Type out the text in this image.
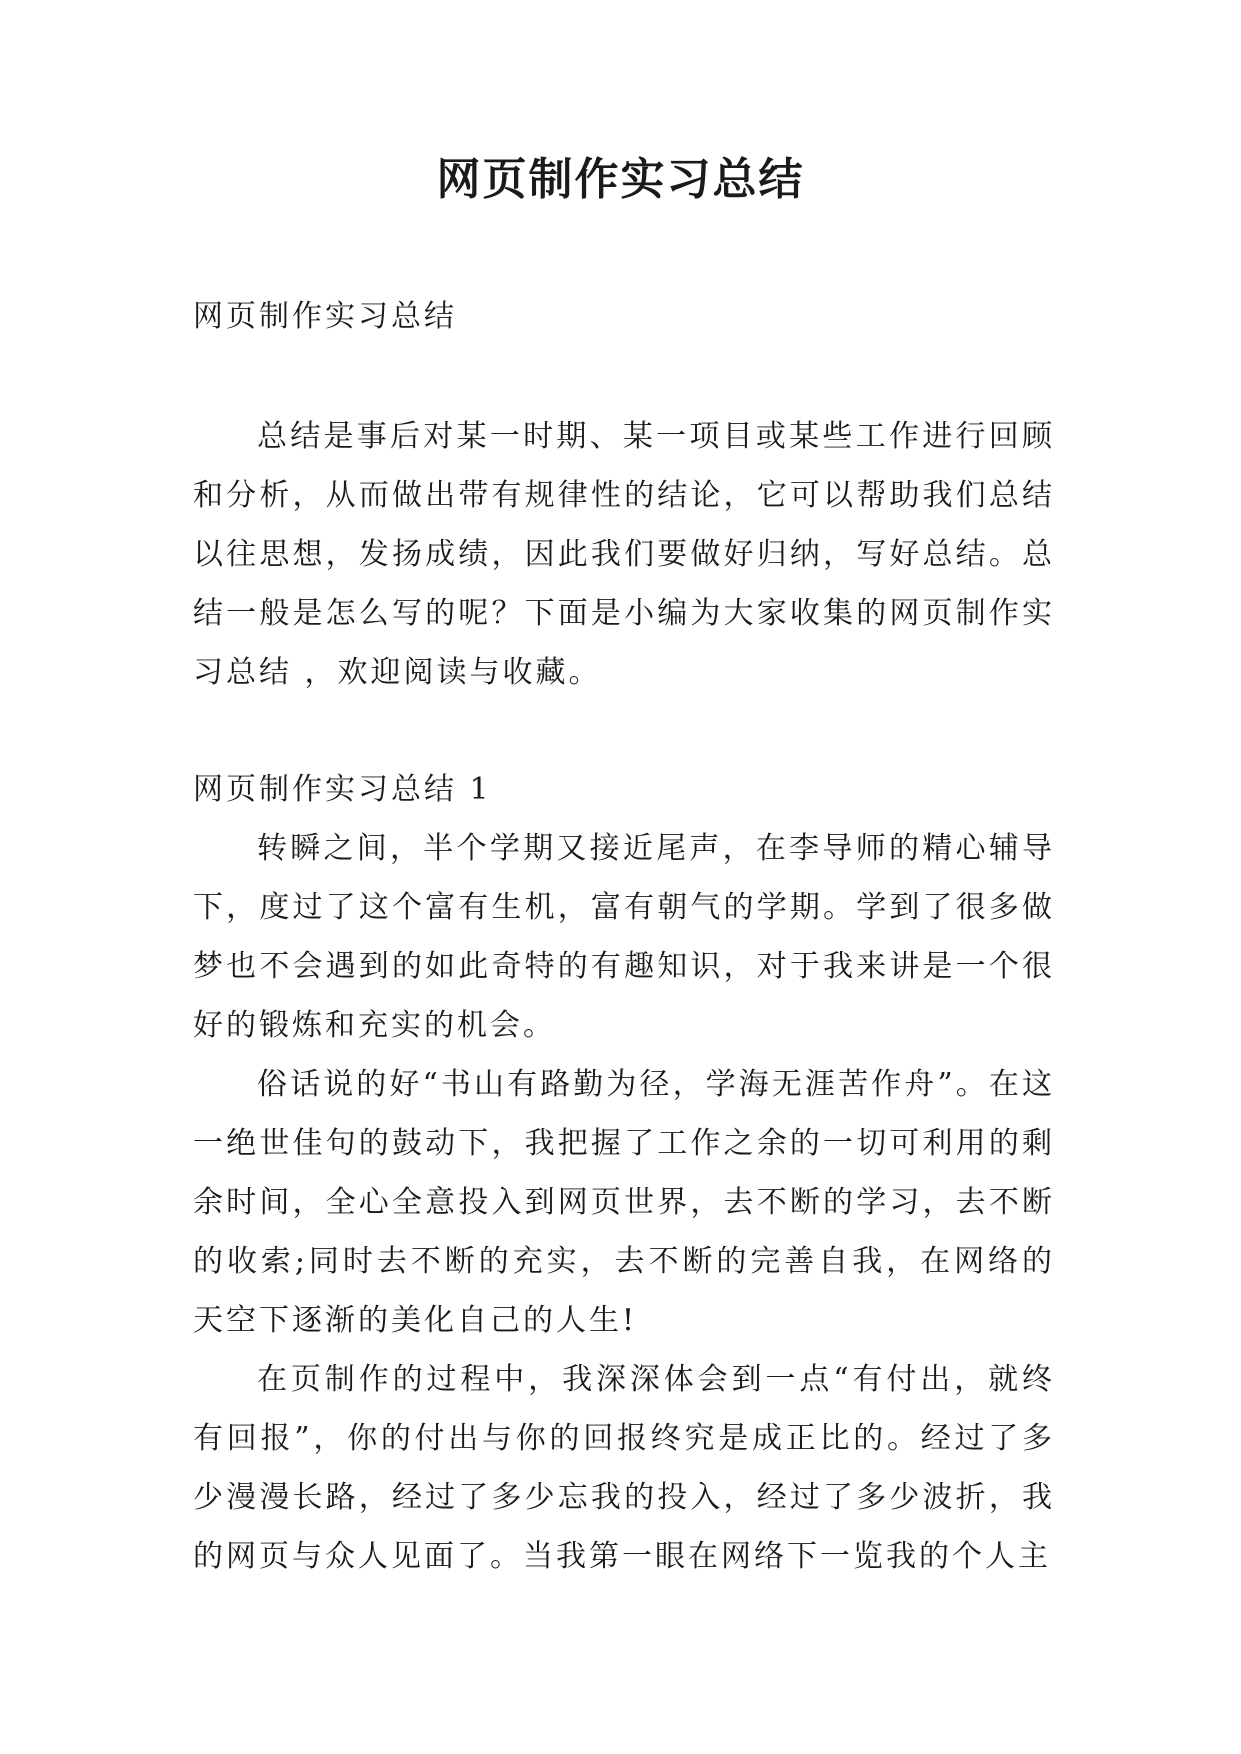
网页制作实习总结

网页制作实习总结

总结是事后对某一时期、某一项目或某些工作进行回顾和分析，从而做出带有规律性的结论，它可以帮助我们总结以往思想，发扬成绩，因此我们要做好归纳，写好总结。总结一般是怎么写的呢？下面是小编为大家收集的网页制作实习总结 ，欢迎阅读与收藏。

网页制作实习总结 1

转瞬之间，半个学期又接近尾声，在李导师的精心辅导下，度过了这个富有生机，富有朝气的学期。学到了很多做梦也不会遇到的如此奇特的有趣知识，对于我来讲是一个很好的锻炼和充实的机会。

俗话说的好“书山有路勤为径，学海无涯苦作舟”。在这一绝世佳句的鼓动下，我把握了工作之余的一切可利用的剩余时间，全心全意投入到网页世界，去不断的学习，去不断的收索;同时去不断的充实，去不断的完善自我，在网络的天空下逐渐的美化自己的人生!

在页制作的过程中，我深深体会到一点“有付出，就终有回报”，你的付出与你的回报终究是成正比的。经过了多少漫漫长路，经过了多少忘我的投入，经过了多少波折，我的网页与众人见面了。当我第一眼在网络下一览我的个人主
